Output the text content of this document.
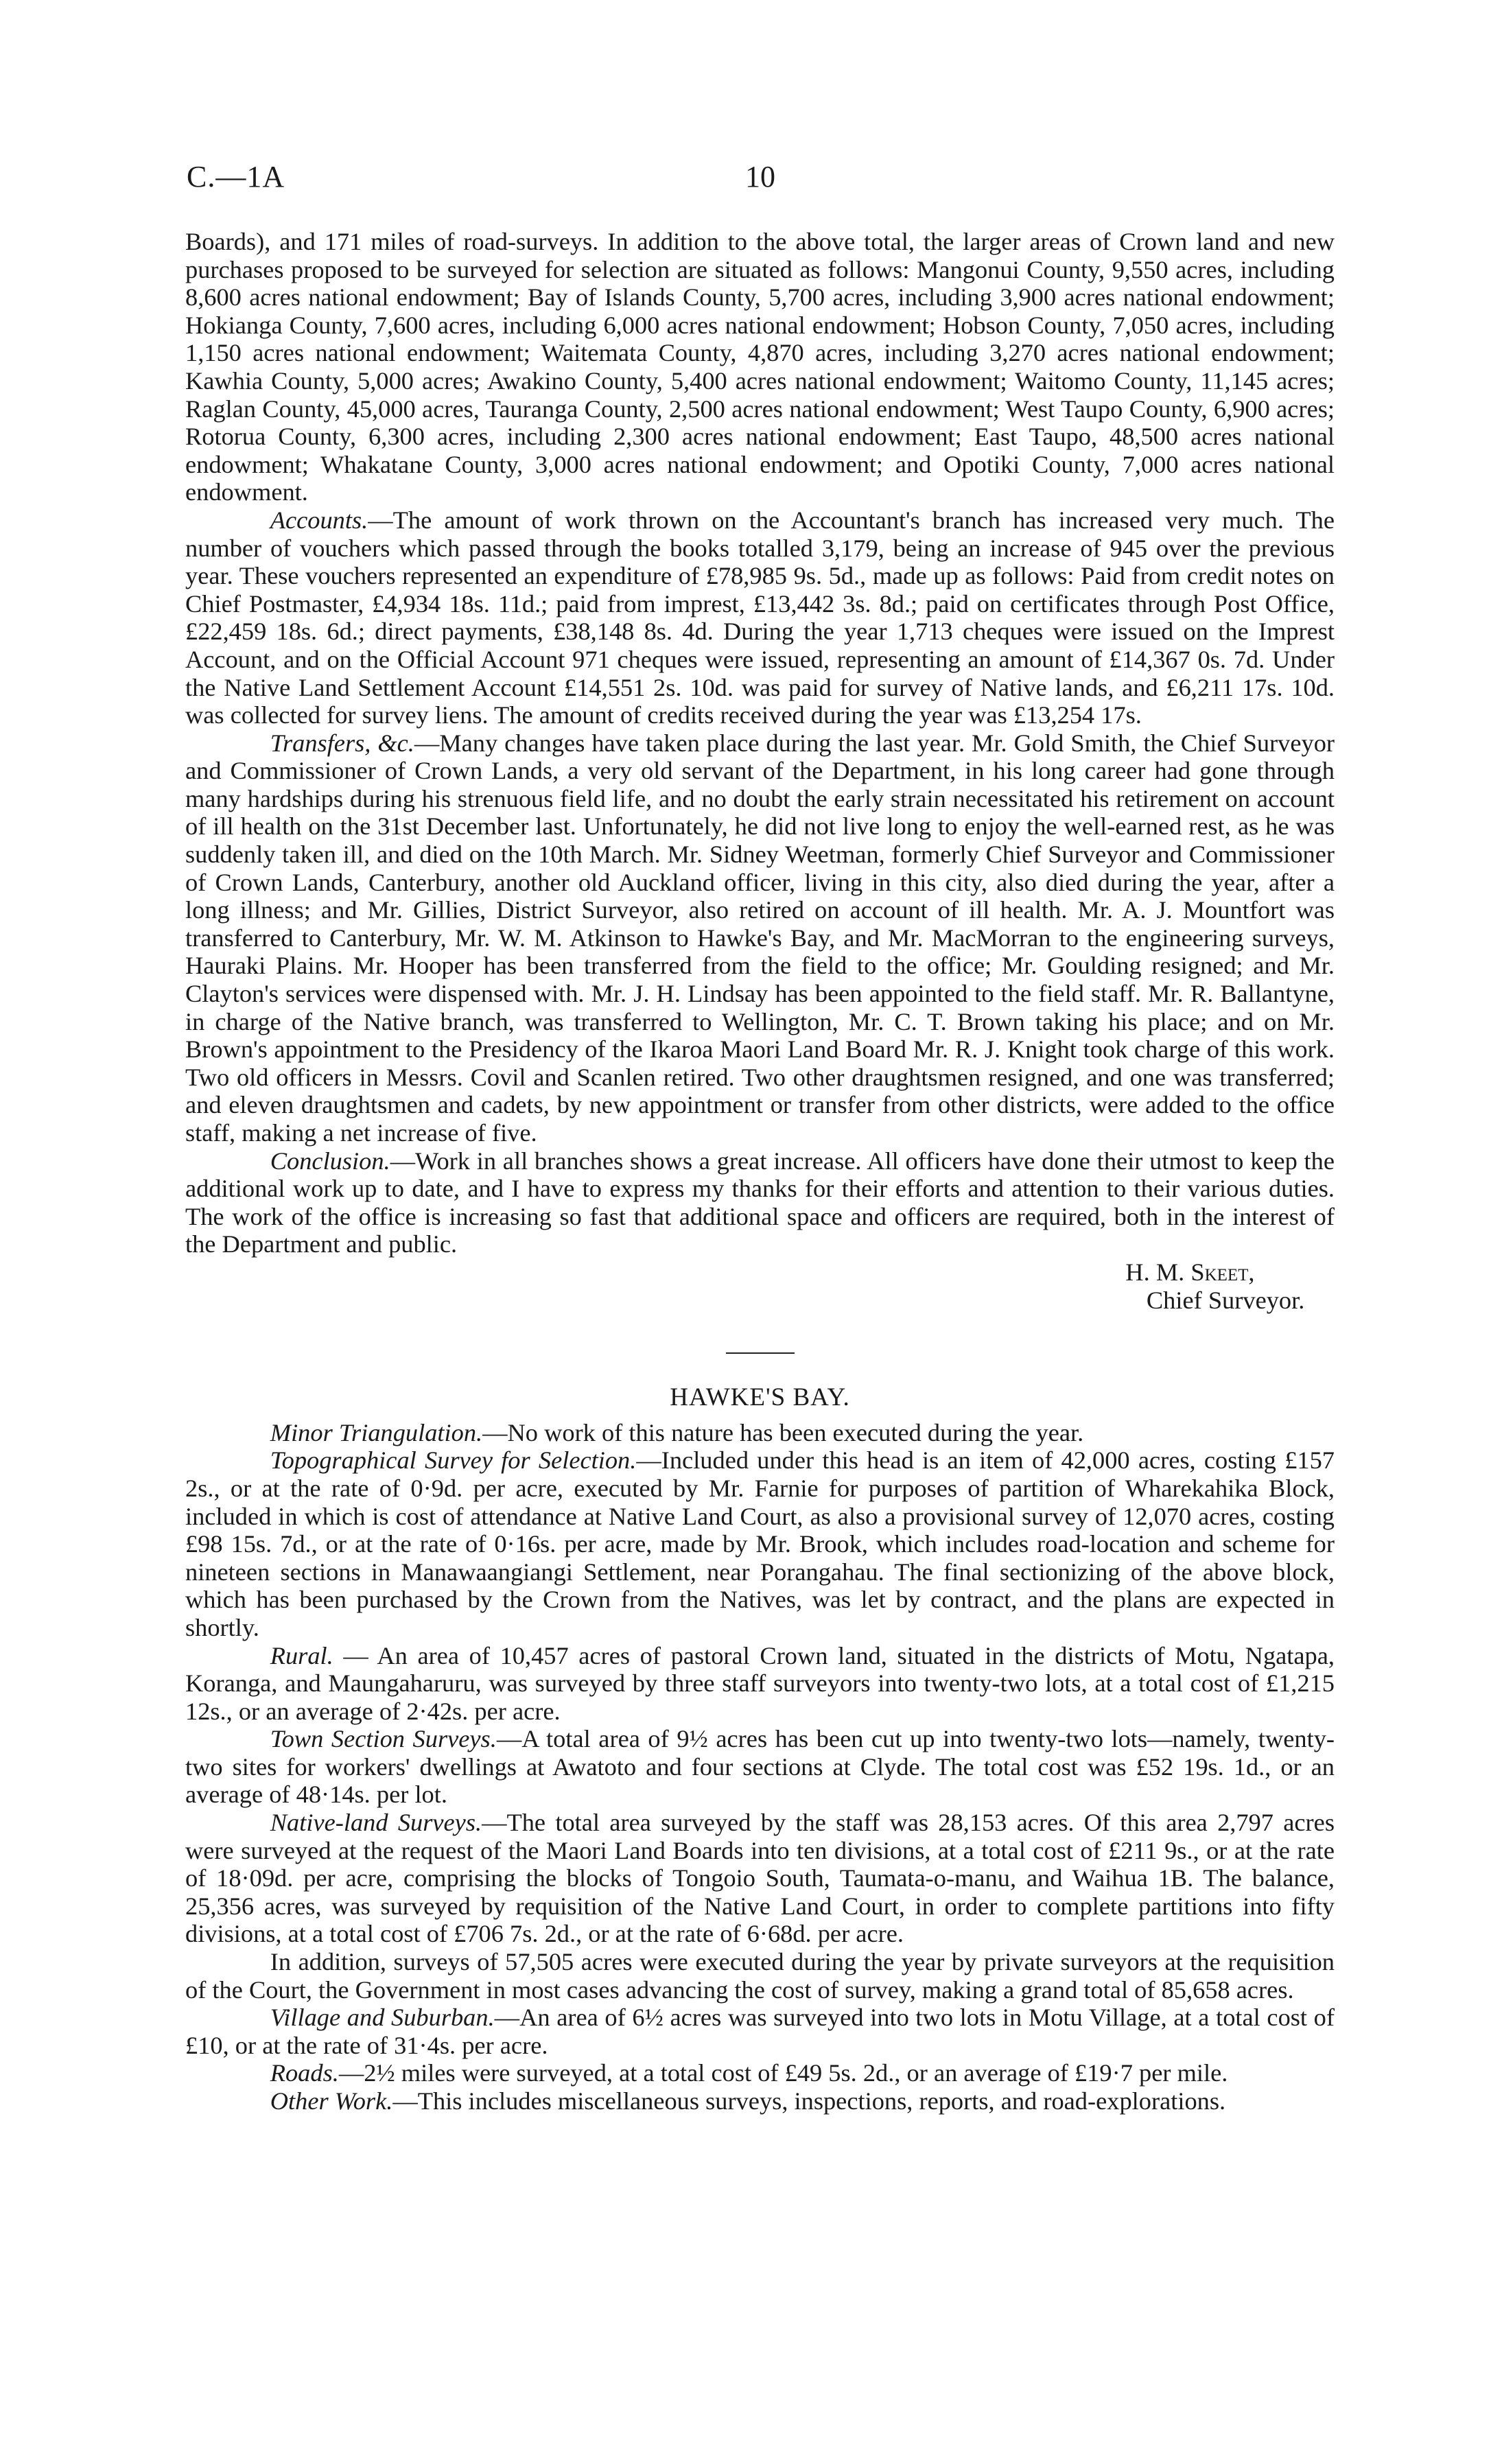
C.—1A	10

Boards), and 171 miles of road-surveys. In addition to the above total, the larger areas of Crown land and new purchases proposed to be surveyed for selection are situated as follows: Mangonui County, 9,550 acres, including 8,600 acres national endowment; Bay of Islands County, 5,700 acres, including 3,900 acres national endowment; Hokianga County, 7,600 acres, including 6,000 acres national endowment; Hobson County, 7,050 acres, including 1,150 acres national endowment; Waitemata County, 4,870 acres, including 3,270 acres national endowment; Kawhia County, 5,000 acres; Awakino County, 5,400 acres national endowment; Waitomo County, 11,145 acres; Raglan County, 45,000 acres, Tauranga County, 2,500 acres national endowment; West Taupo County, 6,900 acres; Rotorua County, 6,300 acres, including 2,300 acres national endowment; East Taupo, 48,500 acres national endowment; Whakatane County, 3,000 acres national endowment; and Opotiki County, 7,000 acres national endowment.

Accounts.—The amount of work thrown on the Accountant's branch has increased very much. The number of vouchers which passed through the books totalled 3,179, being an increase of 945 over the previous year. These vouchers represented an expenditure of £78,985 9s. 5d., made up as follows: Paid from credit notes on Chief Postmaster, £4,934 18s. 11d.; paid from imprest, £13,442 3s. 8d.; paid on certificates through Post Office, £22,459 18s. 6d.; direct payments, £38,148 8s. 4d. During the year 1,713 cheques were issued on the Imprest Account, and on the Official Account 971 cheques were issued, representing an amount of £14,367 0s. 7d. Under the Native Land Settlement Account £14,551 2s. 10d. was paid for survey of Native lands, and £6,211 17s. 10d. was collected for survey liens. The amount of credits received during the year was £13,254 17s.

Transfers, &c.—Many changes have taken place during the last year. Mr. Gold Smith, the Chief Surveyor and Commissioner of Crown Lands, a very old servant of the Department, in his long career had gone through many hardships during his strenuous field life, and no doubt the early strain necessitated his retirement on account of ill health on the 31st December last. Unfortunately, he did not live long to enjoy the well-earned rest, as he was suddenly taken ill, and died on the 10th March. Mr. Sidney Weetman, formerly Chief Surveyor and Commissioner of Crown Lands, Canterbury, another old Auckland officer, living in this city, also died during the year, after a long illness; and Mr. Gillies, District Surveyor, also retired on account of ill health. Mr. A. J. Mountfort was transferred to Canterbury, Mr. W. M. Atkinson to Hawke's Bay, and Mr. MacMorran to the engineering surveys, Hauraki Plains. Mr. Hooper has been transferred from the field to the office; Mr. Goulding resigned; and Mr. Clayton's services were dispensed with. Mr. J. H. Lindsay has been appointed to the field staff. Mr. R. Ballantyne, in charge of the Native branch, was transferred to Wellington, Mr. C. T. Brown taking his place; and on Mr. Brown's appointment to the Presidency of the Ikaroa Maori Land Board Mr. R. J. Knight took charge of this work. Two old officers in Messrs. Covil and Scanlen retired. Two other draughtsmen resigned, and one was transferred; and eleven draughtsmen and cadets, by new appointment or transfer from other districts, were added to the office staff, making a net increase of five.

Conclusion.—Work in all branches shows a great increase. All officers have done their utmost to keep the additional work up to date, and I have to express my thanks for their efforts and attention to their various duties. The work of the office is increasing so fast that additional space and officers are required, both in the interest of the Department and public.

H. M. Skeet,
Chief Surveyor.
HAWKE'S BAY.

Minor Triangulation.—No work of this nature has been executed during the year.

Topographical Survey for Selection.—Included under this head is an item of 42,000 acres, costing £157 2s., or at the rate of 0·9d. per acre, executed by Mr. Farnie for purposes of partition of Wharekahika Block, included in which is cost of attendance at Native Land Court, as also a provisional survey of 12,070 acres, costing £98 15s. 7d., or at the rate of 0·16s. per acre, made by Mr. Brook, which includes road-location and scheme for nineteen sections in Manawaangiangi Settlement, near Porangahau. The final sectionizing of the above block, which has been purchased by the Crown from the Natives, was let by contract, and the plans are expected in shortly.

Rural. — An area of 10,457 acres of pastoral Crown land, situated in the districts of Motu, Ngatapa, Koranga, and Maungaharuru, was surveyed by three staff surveyors into twenty-two lots, at a total cost of £1,215 12s., or an average of 2·42s. per acre.

Town Section Surveys.—A total area of 9½ acres has been cut up into twenty-two lots—namely, twenty-two sites for workers' dwellings at Awatoto and four sections at Clyde. The total cost was £52 19s. 1d., or an average of 48·14s. per lot.

Native-land Surveys.—The total area surveyed by the staff was 28,153 acres. Of this area 2,797 acres were surveyed at the request of the Maori Land Boards into ten divisions, at a total cost of £211 9s., or at the rate of 18·09d. per acre, comprising the blocks of Tongoio South, Taumata-o-manu, and Waihua 1B. The balance, 25,356 acres, was surveyed by requisition of the Native Land Court, in order to complete partitions into fifty divisions, at a total cost of £706 7s. 2d., or at the rate of 6·68d. per acre.

In addition, surveys of 57,505 acres were executed during the year by private surveyors at the requisition of the Court, the Government in most cases advancing the cost of survey, making a grand total of 85,658 acres.

Village and Suburban.—An area of 6½ acres was surveyed into two lots in Motu Village, at a total cost of £10, or at the rate of 31·4s. per acre.

Roads.—2½ miles were surveyed, at a total cost of £49 5s. 2d., or an average of £19·7 per mile.

Other Work.—This includes miscellaneous surveys, inspections, reports, and road-explorations.
